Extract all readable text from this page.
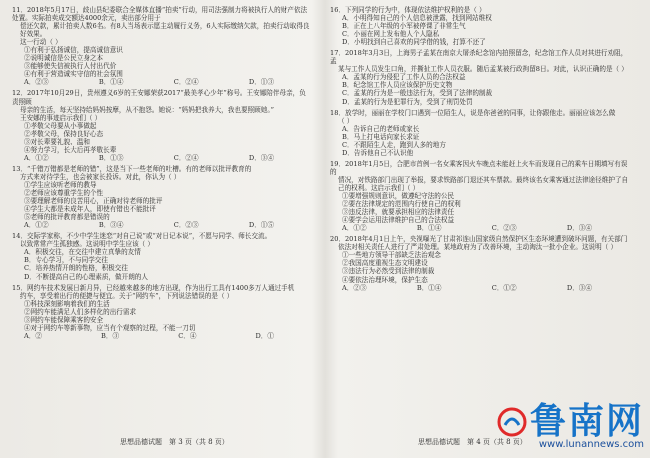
11．2018年5月17日，歧山县纪委联合全媒体直播“拍卖”行动，用司法强制力将被执行人的财产依法处置。实际拍卖成交额达4000余元，卖出部分用于

偿还欠款，累计拍卖人数6名。有8人当场表示愿主动履行义务，6人实际缴纳欠款，拍卖行动取得良好效果。

这一行动（ ）

①有利于弘扬诚信，提高诚信意识

②说明诚信是公民立身之本

③能够使失信被执行人付出代价

④有利于营造诚实守信的社会氛围

A．②③	B．①④	C．②④	D．①③

12．2017年10月29日，贵州遵义6岁的王安娜荣获2017“最美孝心少年”称号。王安娜陪伴母亲，负责照顾

母亲的生活，每天坚持给妈妈按摩，从不抱怨。她说：“妈妈把我养大，我也要照顾她。”

王安娜的事迹启示我们（ ）

①孝敬父母要从小事做起

②孝敬父母，保持良好心态

③对长辈要礼貌、温和

④努力学习，长大后再孝敬长辈

A．①②	B．①③	C．②④	D．③④

13．“千错万错都是老师的错”，这是当下一些老师的吐槽。有的老师以批评教育的

方式来对待学生，也会被家长投诉。对此，你认为（ ）

①学生应该听老师的教导

②老师应该尊重学生的个性

③要理解老师的良苦用心，正确对待老师的批评

④学生大都是未成年人，即使有错也不能批评

⑤老师的批评教育都是错误的

A．①②	B．③④	C．②③	D．①⑤

14．交际学家称，不少中学生迷恋“对自己说”或“对日记本说”，不愿与同学、师长交流。

以致常常产生孤独感。这说明中学生应该（ ）

A．积极交往，在交往中建立真挚的友情

B．专心学习，不与同学交往

C．培养热情开朗的性格，积极交往

D．不断提高自己的心理素质，做开朗的人

15．网约车技术发展日新月异，已经越来越多的地方出现，作为出行工具有1400多万人通过手机

约车，享受着出行的便捷与便宜。关于“网约车”，下列说法错误的是（ ）

①科技深刻影响着我们的生活

②网约车能满足人们多样化的出行需求

③网约车能保障乘客的安全

④对于网约车等新事物，应当有个观察的过程，不能一刀切

A．②	B．③	C．④	D．①

16．下列同学的行为中，体现依法维护权利的是（ ）

A．小明得知自己的个人信息被泄露，找到网站维权

B．正在上八年级的小军被停课了非常生气

C．小丽在网上发布他人个人隐私

D．小明找到自己喜欢的同学借的钱，打算不还了

17．2018年3月3日，上海男子孟某在南京大屠杀纪念馆内拍照留念，纪念馆工作人员对其进行劝阻，孟

某与工作人员发生口角，并撕扯工作人员衣服。随后孟某被行政拘留8日。对此，认识正确的是（ ）

A．孟某的行为侵犯了工作人员的合法权益

B．纪念馆工作人员应该保护历史文物

C．孟某的行为是一般违法行为，受到了法律的制裁

D．孟某的行为是犯罪行为，受到了刑罚处罚

18．放学时，丽丽在学校门口遇到一位陌生人，说是你爸爸的同事，让你跟他走。丽丽应该怎么做

（ ）

A．告诉自己的老师或家长

B．马上打电话向家长求证

C．不跟陌生人走，跑到人多的地方

D．告诉他自己不认识他

19．2018年1月5日，合肥市首例一名女乘客因火车晚点未能赶上火车而发现自己的乘车日期填写有误的

情况，对铁路部门出现了举报，要求铁路部门退还其车票款。最终该名女乘客通过法律途径维护了自己的权利。这启示我们（ ）

①要增强规则意识，做遵纪守法的公民

②要在法律规定的范围内行使自己的权利

③违反法律，就要承担相应的法律责任

④要学会运用法律维护自己的合法权益

A．①②	B．①④	C．②③	D．③④

20．2018年4月1日上午，央视曝光了甘肃祁连山国家级自然保护区生态环境遭到破坏问题，有关部门

依法对相关责任人进行了严肃处理。某地政府为了改善环境，主动淘汰一批小企业。这说明（ ）

①一些地方领导干部缺乏法治观念

②我国高度重视生态文明建设

③违法行为必然受到法律的制裁

④要依法治理环境，保护生态

A．②③	B．①④	C．①②	D．③④
思想品德试题　第 3 页（共 8 页）	思想品德试题　第 4 页（共 8 页） 鲁南网
www.lunannews.com
